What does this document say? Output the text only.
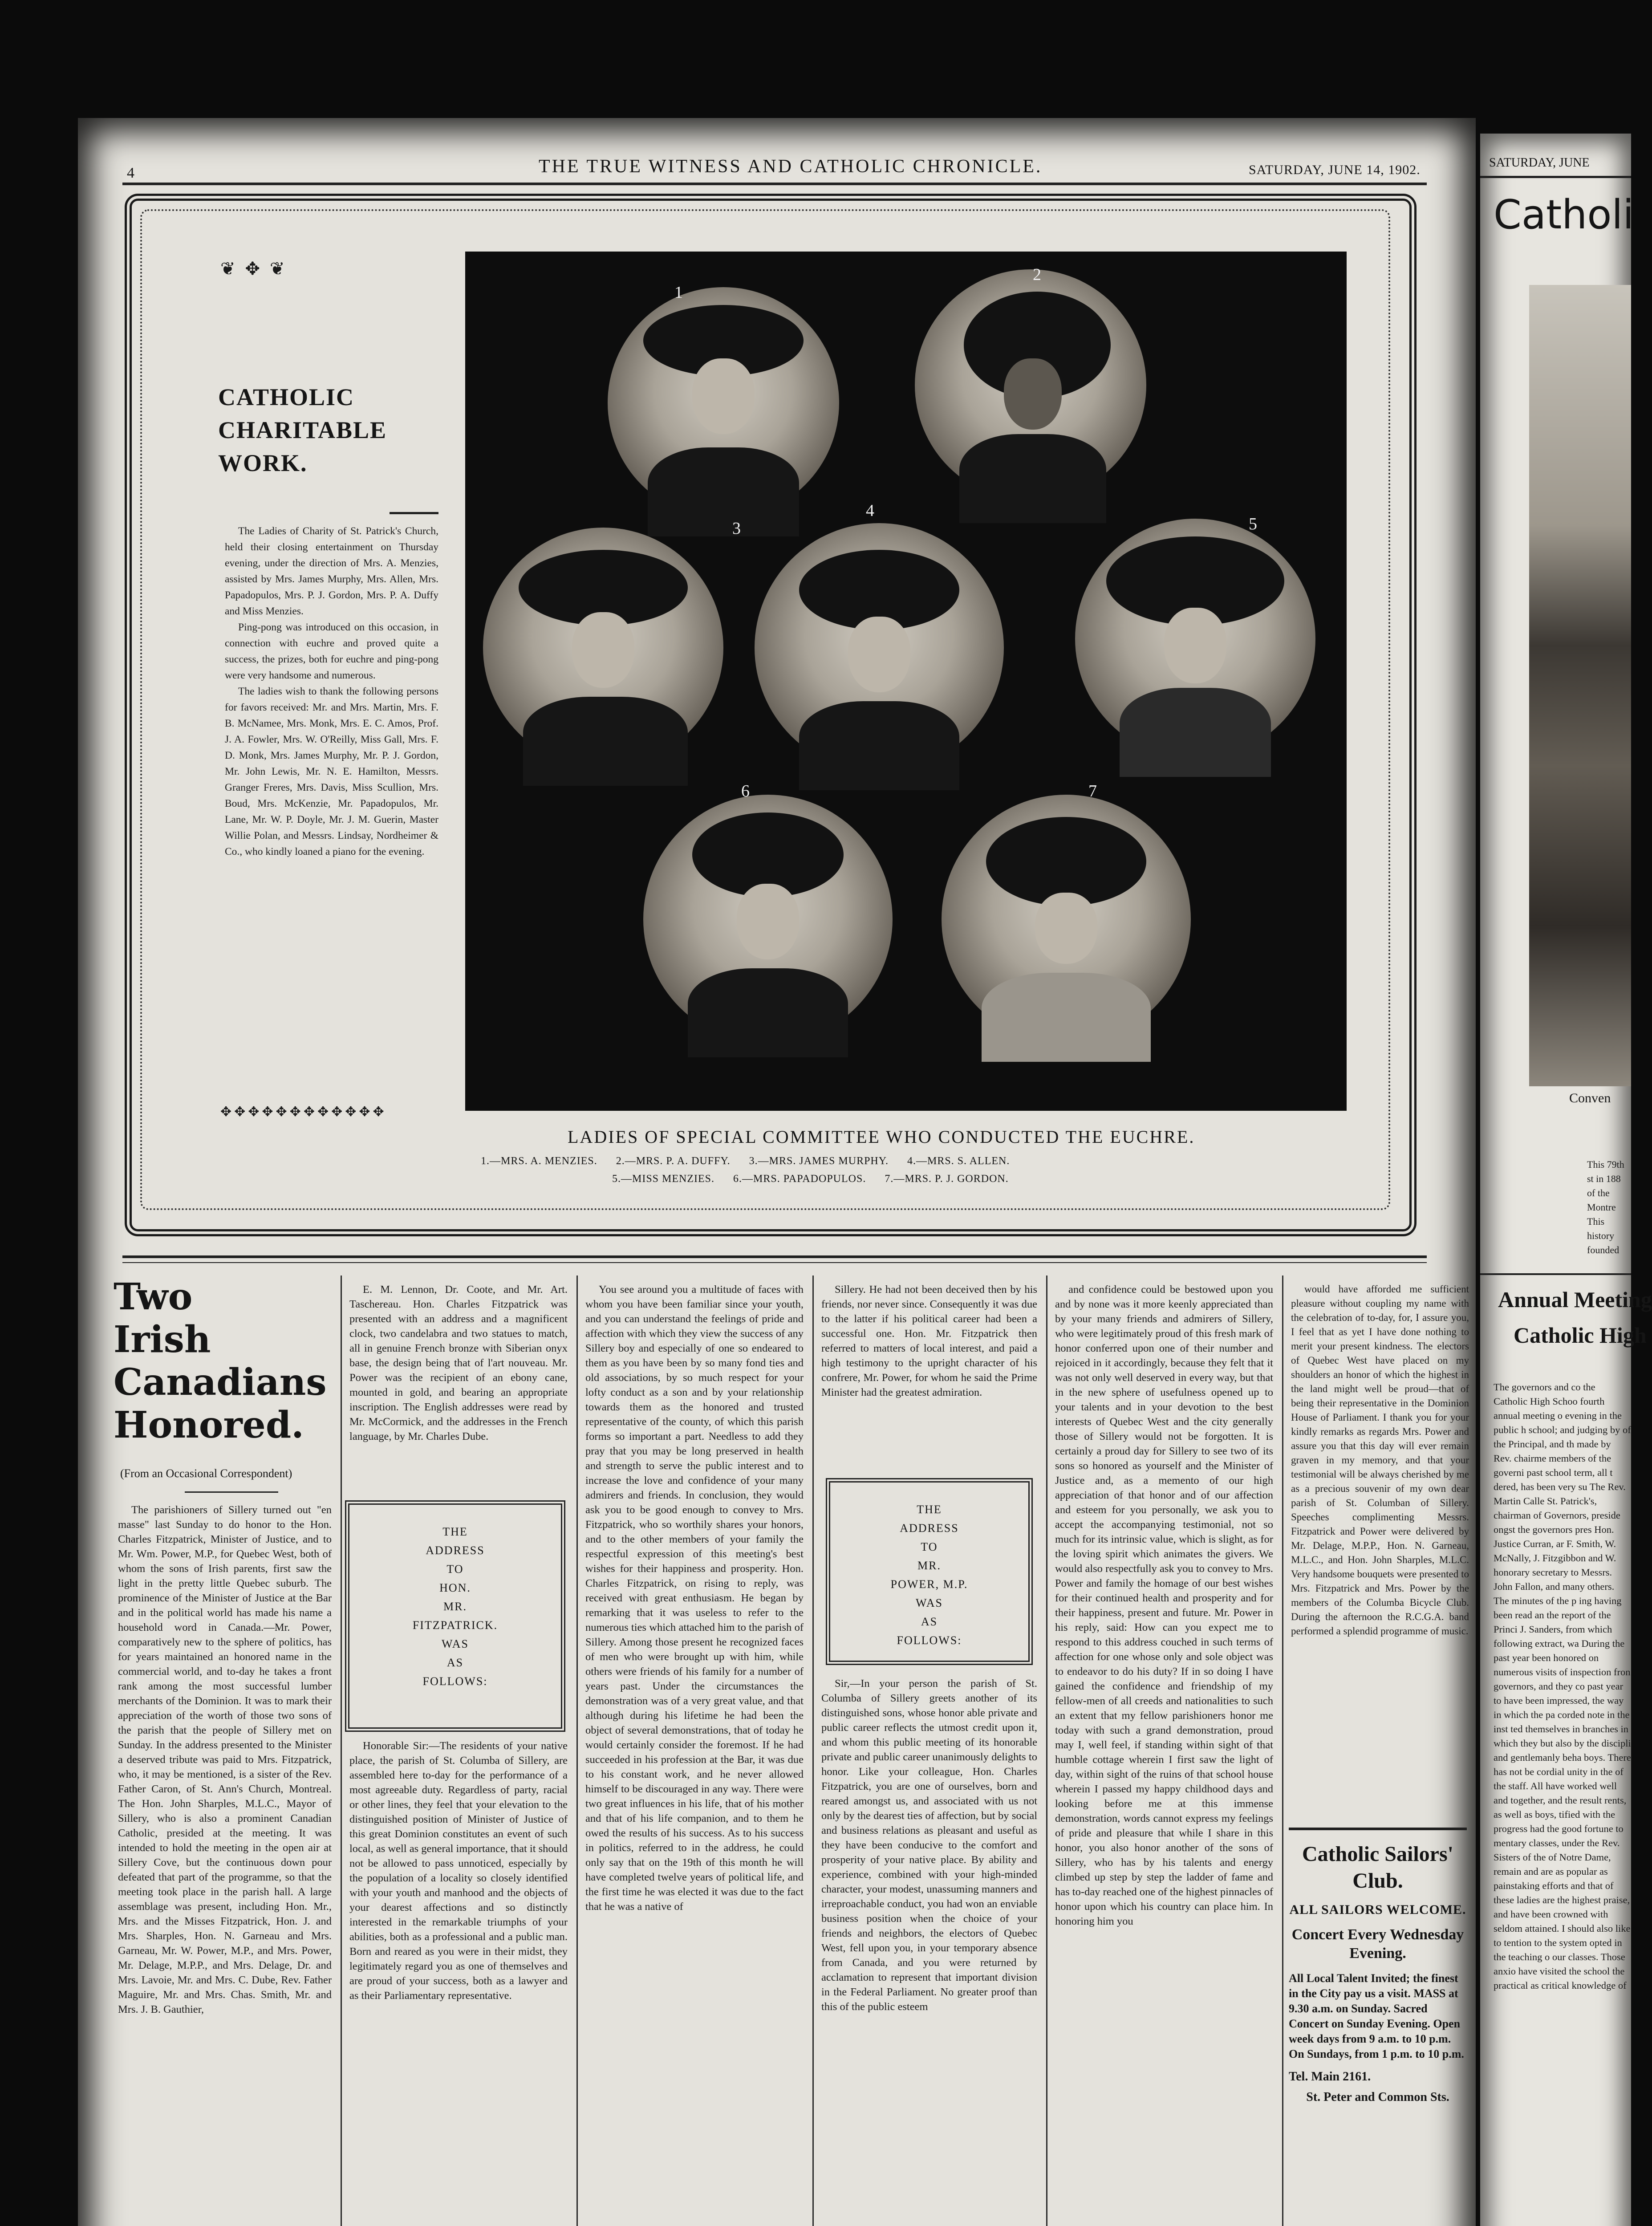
4	THE TRUE WITNESS AND CATHOLIC CHRONICLE.	SATURDAY, JUNE 14, 1902.
❦ ✥ ❦
CATHOLIC
CHARITABLE
WORK.

The Ladies of Charity of St. Patrick's Church, held their closing entertainment on Thursday evening, under the direction of Mrs. A. Menzies, assisted by Mrs. James Murphy, Mrs. Allen, Mrs. Papadopulos, Mrs. P. J. Gordon, Mrs. P. A. Duffy and Miss Menzies.

Ping-pong was introduced on this occasion, in connection with euchre and proved quite a success, the prizes, both for euchre and ping-pong were very handsome and numerous.

The ladies wish to thank the following persons for favors received: Mr. and Mrs. Martin, Mrs. F. B. McNamee, Mrs. Monk, Mrs. E. C. Amos, Prof. J. A. Fowler, Mrs. W. O'Reilly, Miss Gall, Mrs. F. D. Monk, Mrs. James Murphy, Mr. P. J. Gordon, Mr. John Lewis, Mr. N. E. Hamilton, Messrs. Granger Freres, Mrs. Davis, Miss Scullion, Mrs. Boud, Mrs. McKenzie, Mr. Papadopulos, Mr. Lane, Mr. W. P. Doyle, Mr. J. M. Guerin, Master Willie Polan, and Messrs. Lindsay, Nordheimer & Co., who kindly loaned a piano for the evening.

✥✥✥✥✥✥✥✥✥✥✥✥
1
2
3
4
5
6	7
LADIES OF SPECIAL COMMITTEE WHO CONDUCTED THE EUCHRE.
1.—MRS. A. MENZIES.      2.—MRS. P. A. DUFFY.      3.—MRS. JAMES MURPHY.      4.—MRS. S. ALLEN.
5.—MISS MENZIES.      6.—MRS. PAPADOPULOS.      7.—MRS. P. J. GORDON.
Two
Irish
Canadians
Honored.
(From an Occasional Correspondent)

The parishioners of Sillery turned out "en masse" last Sunday to do honor to the Hon. Charles Fitzpatrick, Minister of Justice, and to Mr. Wm. Power, M.P., for Quebec West, both of whom the sons of Irish parents, first saw the light in the pretty little Quebec suburb. The prominence of the Minister of Justice at the Bar and in the political world has made his name a household word in Canada.—Mr. Power, comparatively new to the sphere of politics, has for years maintained an honored name in the commercial world, and to-day he takes a front rank among the most successful lumber merchants of the Dominion. It was to mark their appreciation of the worth of those two sons of the parish that the people of Sillery met on Sunday. In the address presented to the Minister a deserved tribute was paid to Mrs. Fitzpatrick, who, it may be mentioned, is a sister of the Rev. Father Caron, of St. Ann's Church, Montreal. The Hon. John Sharples, M.L.C., Mayor of Sillery, who is also a prominent Canadian Catholic, presided at the meeting. It was intended to hold the meeting in the open air at Sillery Cove, but the continuous down pour defeated that part of the programme, so that the meeting took place in the parish hall. A large assemblage was present, including Hon. Mr., Mrs. and the Misses Fitzpatrick, Hon. J. and Mrs. Sharples, Hon. N. Garneau and Mrs. Garneau, Mr. W. Power, M.P., and Mrs. Power, Mr. Delage, M.P.P., and Mrs. Delage, Dr. and Mrs. Lavoie, Mr. and Mrs. C. Dube, Rev. Father Maguire, Mr. and Mrs. Chas. Smith, Mr. and Mrs. J. B. Gauthier,

E. M. Lennon, Dr. Coote, and Mr. Art. Taschereau. Hon. Charles Fitzpatrick was presented with an address and a magnificent clock, two candelabra and two statues to match, all in genuine French bronze with Siberian onyx base, the design being that of l'art nouveau. Mr. Power was the recipient of an ebony cane, mounted in gold, and bearing an appropriate inscription. The English addresses were read by Mr. McCormick, and the addresses in the French language, by Mr. Charles Dube.

THE
ADDRESS
TO
HON.
MR.
FITZPATRICK.
WAS
AS
FOLLOWS:

Honorable Sir:—The residents of your native place, the parish of St. Columba of Sillery, are assembled here to-day for the performance of a most agreeable duty. Regardless of party, racial or other lines, they feel that your elevation to the distinguished position of Minister of Justice of this great Dominion constitutes an event of such local, as well as general importance, that it should not be allowed to pass unnoticed, especially by the population of a locality so closely identified with your youth and manhood and the objects of your dearest affections and so distinctly interested in the remarkable triumphs of your abilities, both as a professional and a public man. Born and reared as you were in their midst, they legitimately regard you as one of themselves and are proud of your success, both as a lawyer and as their Parliamentary representative.

You see around you a multitude of faces with whom you have been familiar since your youth, and you can understand the feelings of pride and affection with which they view the success of any Sillery boy and especially of one so endeared to them as you have been by so many fond ties and old associations, by so much respect for your lofty conduct as a son and by your relationship towards them as the honored and trusted representative of the county, of which this parish forms so important a part. Needless to add they pray that you may be long preserved in health and strength to serve the public interest and to increase the love and confidence of your many admirers and friends. In conclusion, they would ask you to be good enough to convey to Mrs. Fitzpatrick, who so worthily shares your honors, and to the other members of your family the respectful expression of this meeting's best wishes for their happiness and prosperity. Hon. Charles Fitzpatrick, on rising to reply, was received with great enthusiasm. He began by remarking that it was useless to refer to the numerous ties which attached him to the parish of Sillery. Among those present he recognized faces of men who were brought up with him, while others were friends of his family for a number of years past. Under the circumstances the demonstration was of a very great value, and that although during his lifetime he had been the object of several demonstrations, that of today he would certainly consider the foremost. If he had succeeded in his profession at the Bar, it was due to his constant work, and he never allowed himself to be discouraged in any way. There were two great influences in his life, that of his mother and that of his life companion, and to them he owed the results of his success. As to his success in politics, referred to in the address, he could only say that on the 19th of this month he will have completed twelve years of political life, and the first time he was elected it was due to the fact that he was a native of

Sillery. He had not been deceived then by his friends, nor never since. Consequently it was due to the latter if his political career had been a successful one. Hon. Mr. Fitzpatrick then referred to matters of local interest, and paid a high testimony to the upright character of his confrere, Mr. Power, for whom he said the Prime Minister had the greatest admiration.

THE
ADDRESS
TO
MR.
POWER, M.P.
WAS
AS
FOLLOWS:

Sir,—In your person the parish of St. Columba of Sillery greets another of its distinguished sons, whose honor able private and public career reflects the utmost credit upon it, and whom this public meeting of its honorable private and public career unanimously delights to honor. Like your colleague, Hon. Charles Fitzpatrick, you are one of ourselves, born and reared amongst us, and associated with us not only by the dearest ties of affection, but by social and business relations as pleasant and useful as they have been conducive to the comfort and prosperity of your native place. By ability and experience, combined with your high-minded character, your modest, unassuming manners and irreproachable conduct, you had won an enviable business position when the choice of your friends and neighbors, the electors of Quebec West, fell upon you, in your temporary absence from Canada, and you were returned by acclamation to represent that important division in the Federal Parliament. No greater proof than this of the public esteem

and confidence could be bestowed upon you and by none was it more keenly appreciated than by your many friends and admirers of Sillery, who were legitimately proud of this fresh mark of honor conferred upon one of their number and rejoiced in it accordingly, because they felt that it was not only well deserved in every way, but that in the new sphere of usefulness opened up to your talents and in your devotion to the best interests of Quebec West and the city generally those of Sillery would not be forgotten. It is certainly a proud day for Sillery to see two of its sons so honored as yourself and the Minister of Justice and, as a memento of our high appreciation of that honor and of our affection and esteem for you personally, we ask you to accept the accompanying testimonial, not so much for its intrinsic value, which is slight, as for the loving spirit which animates the givers. We would also respectfully ask you to convey to Mrs. Power and family the homage of our best wishes for their continued health and prosperity and for their happiness, present and future. Mr. Power in his reply, said: How can you expect me to respond to this address couched in such terms of affection for one whose only and sole object was to endeavor to do his duty? If in so doing I have gained the confidence and friendship of my fellow-men of all creeds and nationalities to such an extent that my fellow parishioners honor me today with such a grand demonstration, proud may I, well feel, if standing within sight of that humble cottage wherein I first saw the light of day, within sight of the ruins of that school house wherein I passed my happy childhood days and looking before me at this immense demonstration, words cannot express my feelings of pride and pleasure that while I share in this honor, you also honor another of the sons of Sillery, who has by his talents and energy climbed up step by step the ladder of fame and has to-day reached one of the highest pinnacles of honor upon which his country can place him. In honoring him you

would have afforded me sufficient pleasure without coupling my name with the celebration of to-day, for, I assure you, I feel that as yet I have done nothing to merit your present kindness. The electors of Quebec West have placed on my shoulders an honor of which the highest in the land might well be proud—that of being their representative in the Dominion House of Parliament. I thank you for your kindly remarks as regards Mrs. Power and assure you that this day will ever remain graven in my memory, and that your testimonial will be always cherished by me as a precious souvenir of my own dear parish of St. Columban of Sillery. Speeches complimenting Messrs. Fitzpatrick and Power were delivered by Mr. Delage, M.P.P., Hon. N. Garneau, M.L.C., and Hon. John Sharples, M.L.C. Very handsome bouquets were presented to Mrs. Fitzpatrick and Mrs. Power by the members of the Columba Bicycle Club. During the afternoon the R.C.G.A. band performed a splendid programme of music.

Catholic Sailors' Club.
ALL SAILORS WELCOME.
Concert Every Wednesday Evening.
All Local Talent Invited; the finest in the City pay us a visit. MASS at 9.30 a.m. on Sunday. Sacred Concert on Sunday Evening. Open week days from 9 a.m. to 10 p.m. On Sundays, from 1 p.m. to 10 p.m.
Tel. Main 2161.
St. Peter and Common Sts.
SATURDAY, JUNE
Catholi
Conven
This 79th st in 188 of the Montre This history founded
Annual Meeting
Catholic High
The governors and co the Catholic High Schoo fourth annual meeting o evening in the public h school; and judging by of the Principal, and th made by Rev. chairme members of the governi past school term, all t dered, has been very su The Rev. Martin Calle St. Patrick's, chairman of Governors, preside ongst the governors pres Hon. Justice Curran, ar F. Smith, W. McNally, J. Fitzgibbon and W. honorary secretary to Messrs. John Fallon, and many others. The minutes of the p ing having been read an the report of the Princi J. Sanders, from which following extract, wa During the past year been honored on numerous visits of inspection fron governors, and they co past year to have been impressed, the way in which the pa corded note in the inst ted themselves in branches in which they but also by the discipli and gentlemanly beha boys. There has not be cordial unity in the of the staff. All have worked well and together, and the result rents, as well as boys, tified with the progress had the good fortune to mentary classes, under the Rev. Sisters of the of Notre Dame, remain and are as popular as painstaking efforts and that of these ladies are the highest praise, and have been crowned with seldom attained. I should also like to tention to the system opted in the teaching o our classes. Those anxio have visited the school the practical as critical knowledge of
